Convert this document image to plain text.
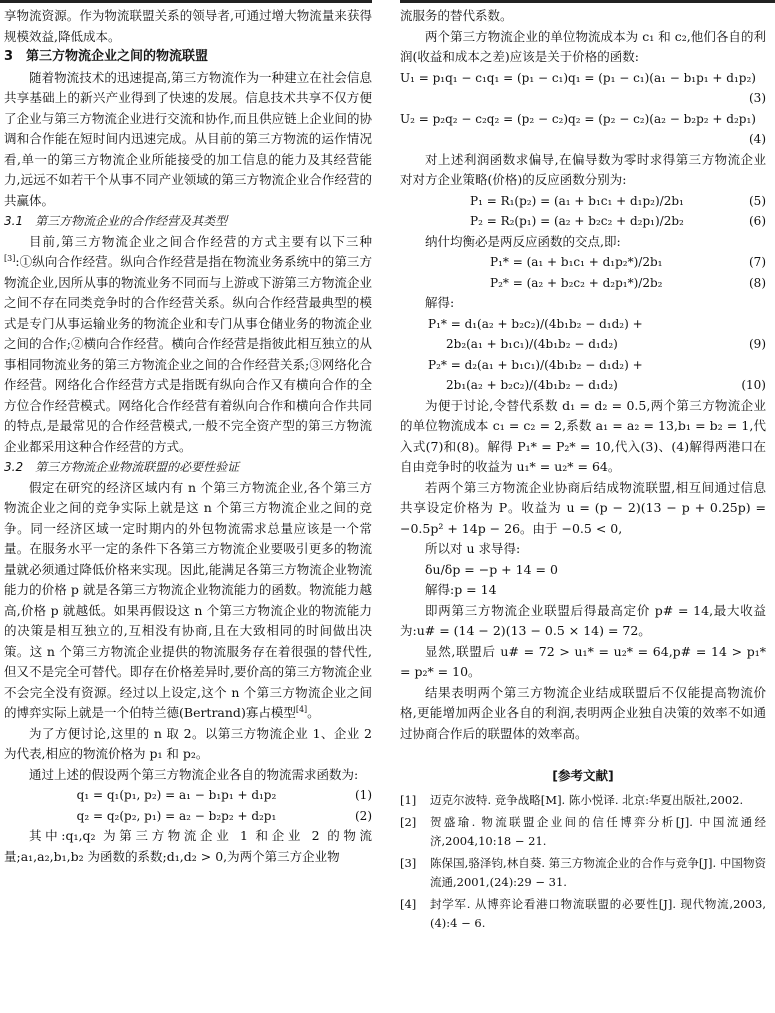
享物流资源。作为物流联盟关系的领导者,可通过增大物流量来获得规模效益,降低成本。

3　第三方物流企业之间的物流联盟

随着物流技术的迅速提高,第三方物流作为一种建立在社会信息共享基础上的新兴产业得到了快速的发展。信息技术共享不仅方便了企业与第三方物流企业进行交流和协作,而且供应链上企业间的协调和合作能在短时间内迅速完成。从目前的第三方物流的运作情况看,单一的第三方物流企业所能接受的加工信息的能力及其经营能力,远远不如若干个从事不同产业领域的第三方物流企业合作经营的共赢体。

3.1　第三方物流企业的合作经营及其类型

目前,第三方物流企业之间合作经营的方式主要有以下三种[3]:①纵向合作经营。纵向合作经营是指在物流业务系统中的第三方物流企业,因所从事的物流业务不同而与上游或下游第三方物流企业之间不存在同类竞争时的合作经营关系。纵向合作经营最典型的模式是专门从事运输业务的物流企业和专门从事仓储业务的物流企业之间的合作;②横向合作经营。横向合作经营是指彼此相互独立的从事相同物流业务的第三方物流企业之间的合作经营关系;③网络化合作经营。网络化合作经营方式是指既有纵向合作又有横向合作的全方位合作经营模式。网络化合作经营有着纵向合作和横向合作共同的特点,是最常见的合作经营模式,一般不完全资产型的第三方物流企业都采用这种合作经营的方式。

3.2　第三方物流企业物流联盟的必要性验证

假定在研究的经济区域内有 n 个第三方物流企业,各个第三方物流企业之间的竞争实际上就是这 n 个第三方物流企业之间的竞争。同一经济区域一定时期内的外包物流需求总量应该是一个常量。在服务水平一定的条件下各第三方物流企业要吸引更多的物流量就必须通过降低价格来实现。因此,能满足各第三方物流企业物流能力的价格 p 就是各第三方物流企业物流能力的函数。物流能力越高,价格 p 就越低。如果再假设这 n 个第三方物流企业的物流能力的决策是相互独立的,互相没有协商,且在大致相同的时间做出决策。这 n 个第三方物流企业提供的物流服务存在着很强的替代性,但又不是完全可替代。即存在价格差异时,要价高的第三方物流企业不会完全没有资源。经过以上设定,这个 n 个第三方物流企业之间的博弈实际上就是一个伯特兰德(Bertrand)寡占模型[4]。

为了方便讨论,这里的 n 取 2。以第三方物流企业 1、企业 2 为代表,相应的物流价格为 p₁ 和 p₂。

通过上述的假设两个第三方物流企业各自的物流需求函数为:

q₁ = q₁(p₁, p₂) = a₁ − b₁p₁ + d₁p₂	(1)
q₂ = q₂(p₂, p₁) = a₂ − b₂p₂ + d₂p₁	(2)

其中:q₁,q₂ 为第三方物流企业 1 和企业 2 的物流量;a₁,a₂,b₁,b₂ 为函数的系数;d₁,d₂ > 0,为两个第三方企业物

流服务的替代系数。

两个第三方物流企业的单位物流成本为 c₁ 和 c₂,他们各自的利润(收益和成本之差)应该是关于价格的函数:

U₁ = p₁q₁ − c₁q₁ = (p₁ − c₁)q₁ = (p₁ − c₁)(a₁ − b₁p₁ + d₁p₂)
(3)
U₂ = p₂q₂ − c₂q₂ = (p₂ − c₂)q₂ = (p₂ − c₂)(a₂ − b₂p₂ + d₂p₁)
(4)

对上述利润函数求偏导,在偏导数为零时求得第三方物流企业对对方企业策略(价格)的反应函数分别为:

P₁ = R₁(p₂) = (a₁ + b₁c₁ + d₁p₂)/2b₁	(5)
P₂ = R₂(p₁) = (a₂ + b₂c₂ + d₂p₁)/2b₂	(6)

纳什均衡必是两反应函数的交点,即:

P₁* = (a₁ + b₁c₁ + d₁p₂*)/2b₁	(7)
P₂* = (a₂ + b₂c₂ + d₂p₁*)/2b₂	(8)

解得:

P₁* = d₁(a₂ + b₂c₂)/(4b₁b₂ − d₁d₂) +
2b₂(a₁ + b₁c₁)/(4b₁b₂ − d₁d₂)	(9)
P₂* = d₂(a₁ + b₁c₁)/(4b₁b₂ − d₁d₂) +
2b₁(a₂ + b₂c₂)/(4b₁b₂ − d₁d₂)	(10)

为便于讨论,令替代系数 d₁ = d₂ = 0.5,两个第三方物流企业的单位物流成本 c₁ = c₂ = 2,系数 a₁ = a₂ = 13,b₁ = b₂ = 1,代入式(7)和(8)。解得 P₁* = P₂* = 10,代入(3)、(4)解得两港口在自由竞争时的收益为 u₁* = u₂* = 64。

若两个第三方物流企业协商后结成物流联盟,相互间通过信息共享设定价格为 P。收益为 u = (p − 2)(13 − p + 0.25p) = −0.5p² + 14p − 26。由于 −0.5 < 0,

所以对 u 求导得:

δu/δp = −p + 14 = 0

解得:p = 14

即两第三方物流企业联盟后得最高定价 p# = 14,最大收益为:u# = (14 − 2)(13 − 0.5 × 14) = 72。

显然,联盟后 u# = 72 > u₁* = u₂* = 64,p# = 14 > p₁* = p₂* = 10。

结果表明两个第三方物流企业结成联盟后不仅能提高物流价格,更能增加两企业各自的利润,表明两企业独自决策的效率不如通过协商合作后的联盟体的效率高。

[参考文献]
[1]	迈克尔波特. 竞争战略[M]. 陈小悦译. 北京:华夏出版社,2002.
[2]	贺盛瑜. 物流联盟企业间的信任博弈分析[J]. 中国流通经济,2004,10:18 − 21.
[3]	陈保国,骆泽钧,林自葵. 第三方物流企业的合作与竞争[J]. 中国物资流通,2001,(24):29 − 31.
[4]	封学军. 从博弈论看港口物流联盟的必要性[J]. 现代物流,2003,(4):4 − 6.
